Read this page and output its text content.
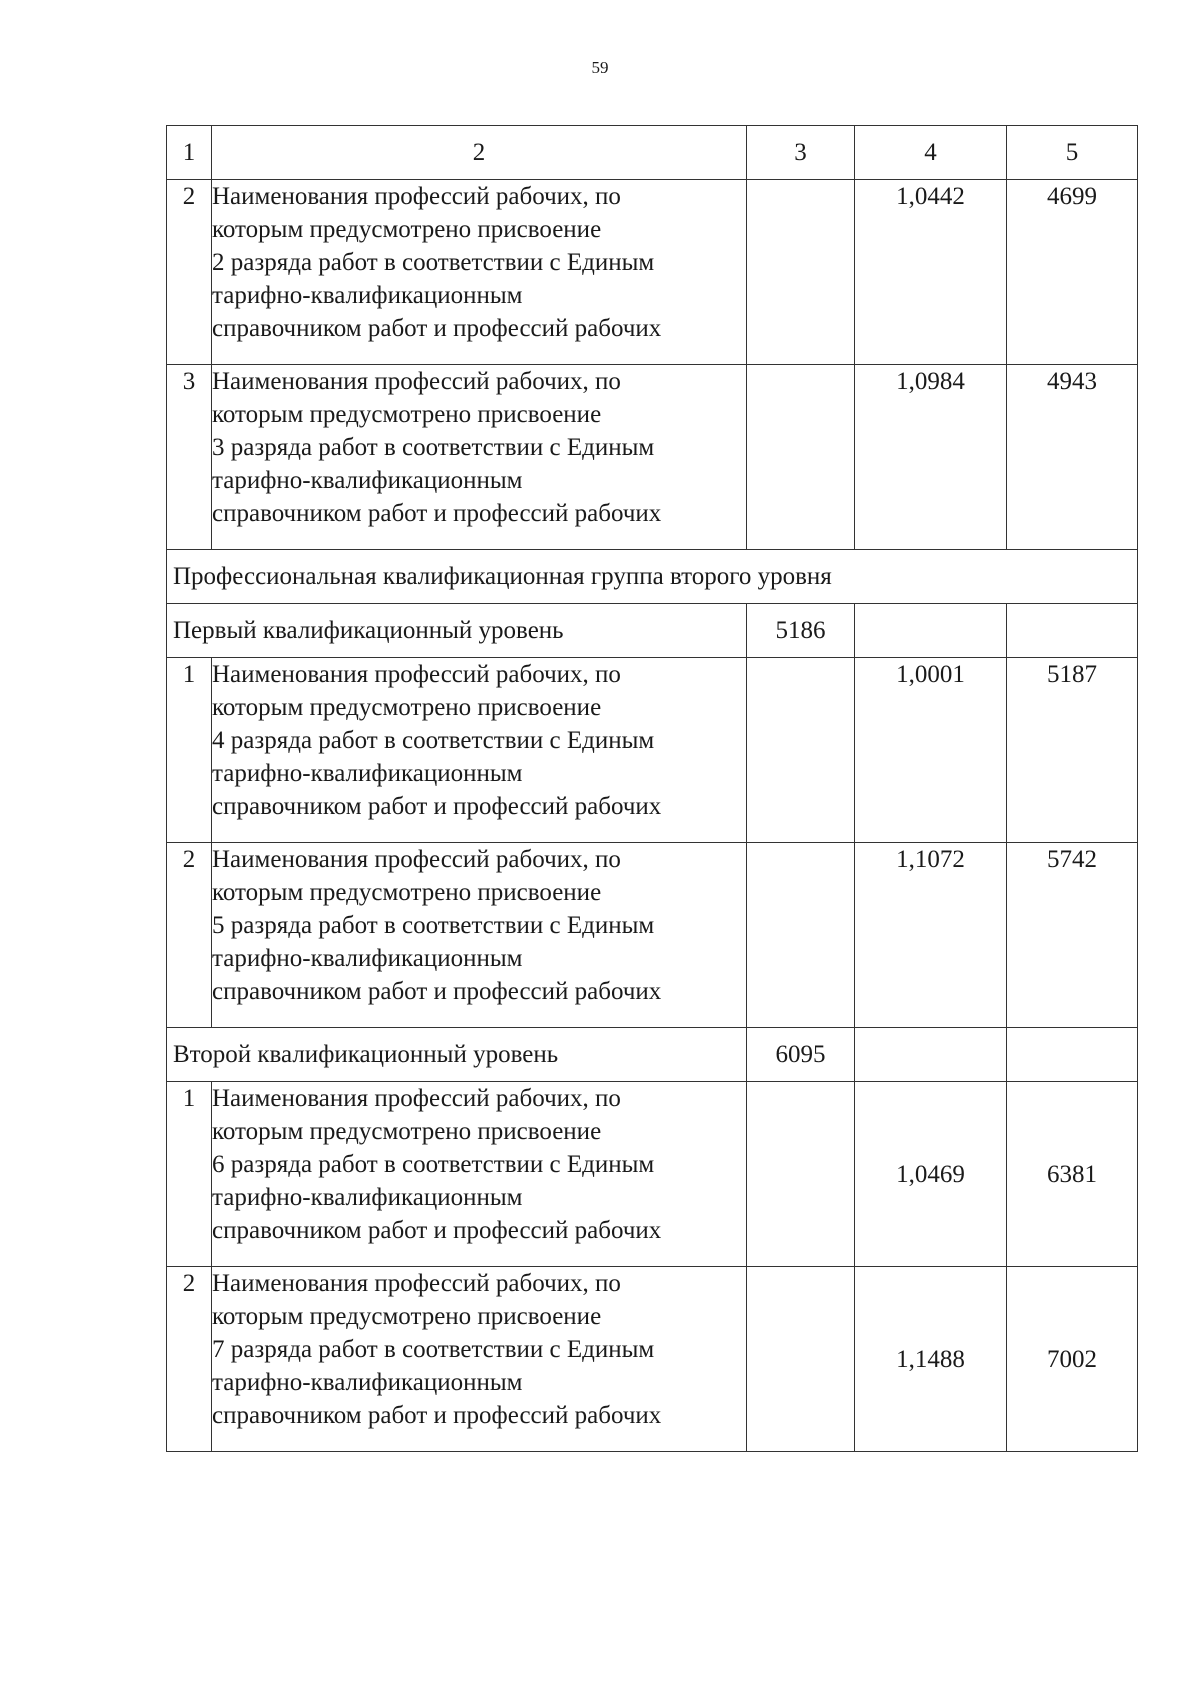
59
1	2	3	4	5
2	Наименования профессий рабочих, по
которым предусмотрено присвоение
2 разряда работ в соответствии с Единым
тарифно-квалификационным
справочником работ и профессий рабочих		1,0442	4699
3	Наименования профессий рабочих, по
которым предусмотрено присвоение
3 разряда работ в соответствии с Единым
тарифно-квалификационным
справочником работ и профессий рабочих		1,0984	4943
Профессиональная квалификационная группа второго уровня				
Первый квалификационный уровень		5186		
1	Наименования профессий рабочих, по
которым предусмотрено присвоение
4 разряда работ в соответствии с Единым
тарифно-квалификационным
справочником работ и профессий рабочих		1,0001	5187
2	Наименования профессий рабочих, по
которым предусмотрено присвоение
5 разряда работ в соответствии с Единым
тарифно-квалификационным
справочником работ и профессий рабочих		1,1072	5742
Второй квалификационный уровень		6095		
1	Наименования профессий рабочих, по
которым предусмотрено присвоение
6 разряда работ в соответствии с Единым
тарифно-квалификационным
справочником работ и профессий рабочих		1,0469	6381
2	Наименования профессий рабочих, по
которым предусмотрено присвоение
7 разряда работ в соответствии с Единым
тарифно-квалификационным
справочником работ и профессий рабочих		1,1488	7002
